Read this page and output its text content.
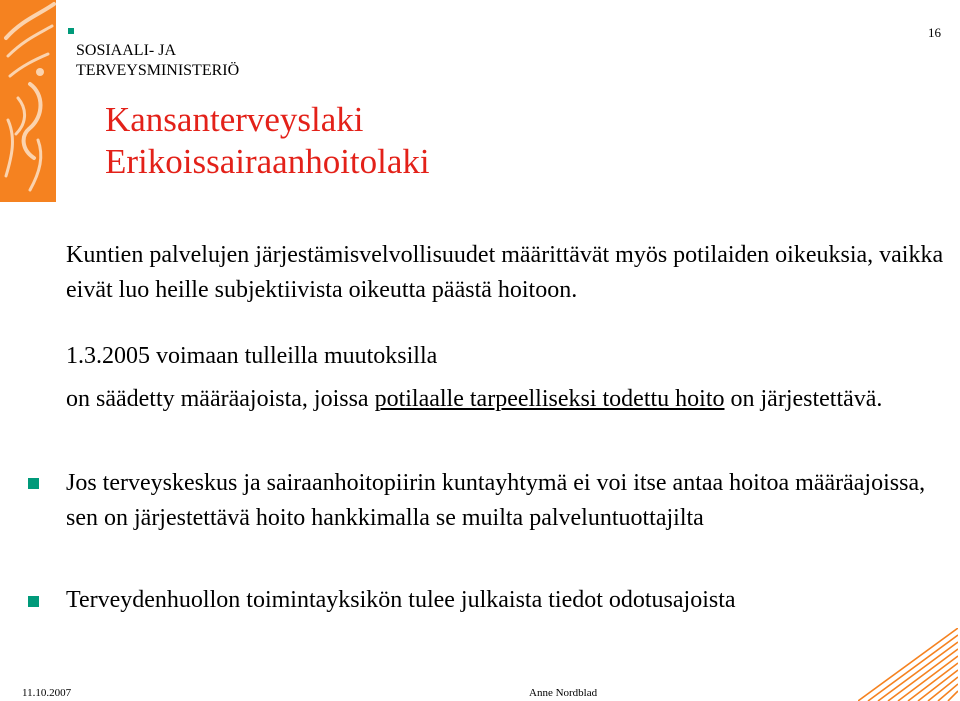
SOSIAALI- JA
TERVEYSMINISTERIÖ
16
Kansanterveyslaki
Erikoissairaanhoitolaki
Kuntien palvelujen järjestämisvelvollisuudet määrittävät myös potilaiden oikeuksia, vaikka eivät luo heille subjektiivista oikeutta päästä hoitoon.
1.3.2005 voimaan tulleilla muutoksilla
on säädetty määräajoista, joissa potilaalle tarpeelliseksi todettu hoito on järjestettävä.
Jos terveyskeskus ja sairaanhoitopiirin kuntayhtymä ei voi itse antaa hoitoa määräajoissa, sen on järjestettävä hoito hankkimalla se muilta palveluntuottajilta
Terveydenhuollon toimintayksikön tulee julkaista tiedot odotusajoista
11.10.2007	Anne Nordblad
